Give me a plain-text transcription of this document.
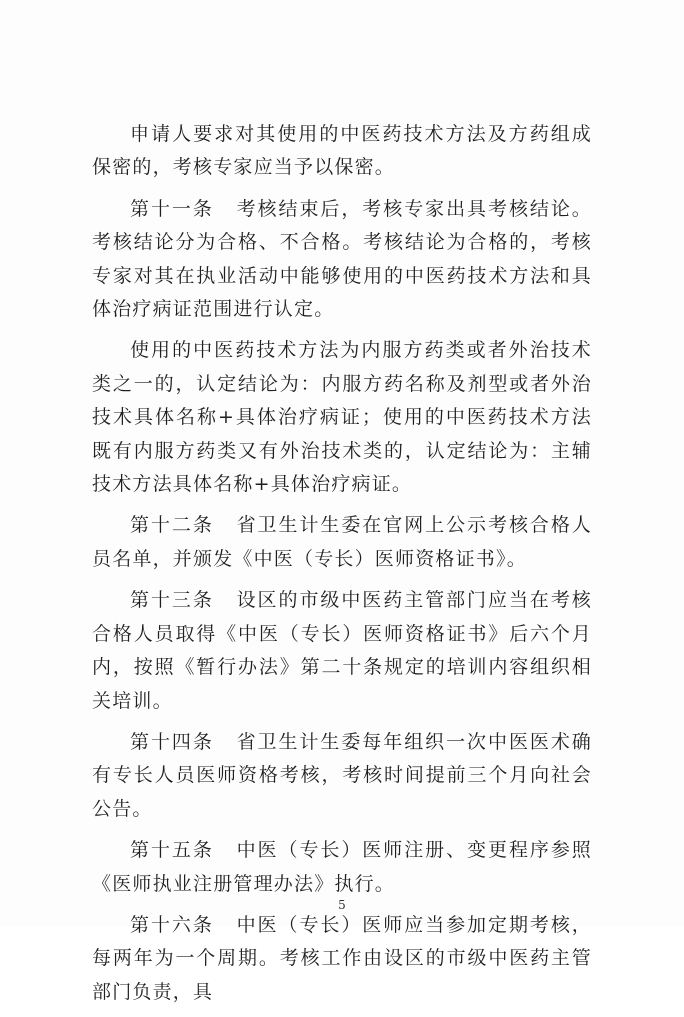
申请人要求对其使用的中医药技术方法及方药组成保密的，考核专家应当予以保密。

第十一条 考核结束后，考核专家出具考核结论。考核结论分为合格、不合格。考核结论为合格的，考核专家对其在执业活动中能够使用的中医药技术方法和具体治疗病证范围进行认定。

使用的中医药技术方法为内服方药类或者外治技术类之一的，认定结论为：内服方药名称及剂型或者外治技术具体名称+具体治疗病证；使用的中医药技术方法既有内服方药类又有外治技术类的，认定结论为：主辅技术方法具体名称+具体治疗病证。

第十二条 省卫生计生委在官网上公示考核合格人员名单，并颁发《中医（专长）医师资格证书》。

第十三条 设区的市级中医药主管部门应当在考核合格人员取得《中医（专长）医师资格证书》后六个月内，按照《暂行办法》第二十条规定的培训内容组织相关培训。

第十四条 省卫生计生委每年组织一次中医医术确有专长人员医师资格考核，考核时间提前三个月向社会公告。

第十五条 中医（专长）医师注册、变更程序参照《医师执业注册管理办法》执行。

第十六条 中医（专长）医师应当参加定期考核，每两年为一个周期。考核工作由设区的市级中医药主管部门负责，具

5
